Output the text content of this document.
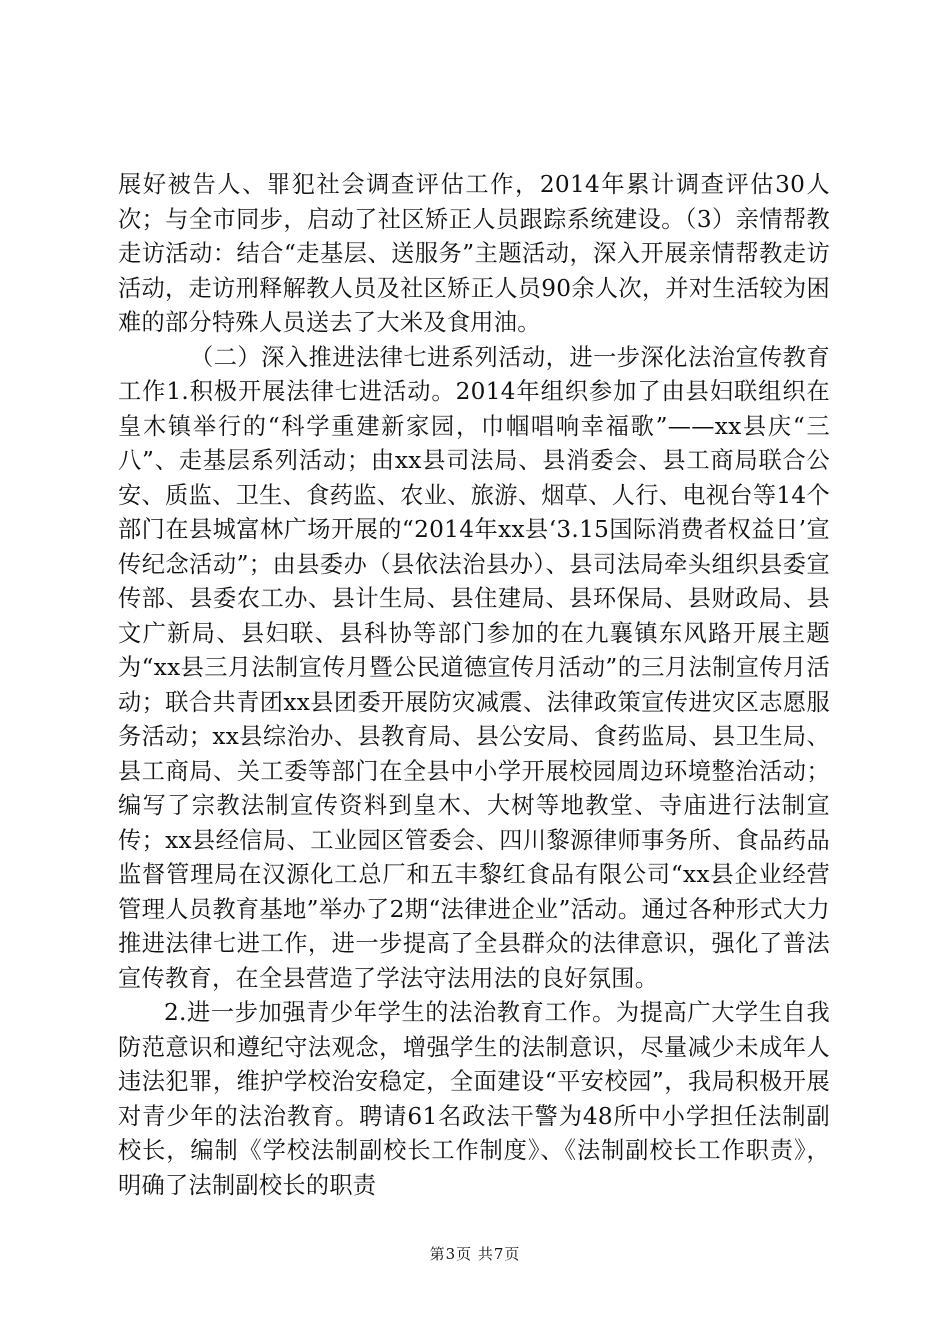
展好被告人、罪犯社会调查评估工作，2014年累计调查评估30人次；与全市同步，启动了社区矫正人员跟踪系统建设。（3）亲情帮教走访活动：结合“走基层、送服务”主题活动，深入开展亲情帮教走访活动，走访刑释解教人员及社区矫正人员90余人次，并对生活较为困难的部分特殊人员送去了大米及食用油。

（二）深入推进法律七进系列活动，进一步深化法治宣传教育工作1.积极开展法律七进活动。2014年组织参加了由县妇联组织在皇木镇举行的“科学重建新家园，巾帼唱响幸福歌”——xx县庆“三八”、走基层系列活动；由xx县司法局、县消委会、县工商局联合公安、质监、卫生、食药监、农业、旅游、烟草、人行、电视台等14个部门在县城富林广场开展的“2014年xx县‘3.15国际消费者权益日’宣传纪念活动”；由县委办（县依法治县办）、县司法局牵头组织县委宣传部、县委农工办、县计生局、县住建局、县环保局、县财政局、县文广新局、县妇联、县科协等部门参加的在九襄镇东风路开展主题为“xx县三月法制宣传月暨公民道德宣传月活动”的三月法制宣传月活动；联合共青团xx县团委开展防灾减震、法律政策宣传进灾区志愿服务活动；xx县综治办、县教育局、县公安局、食药监局、县卫生局、县工商局、关工委等部门在全县中小学开展校园周边环境整治活动；编写了宗教法制宣传资料到皇木、大树等地教堂、寺庙进行法制宣传；xx县经信局、工业园区管委会、四川黎源律师事务所、食品药品监督管理局在汉源化工总厂和五丰黎红食品有限公司“xx县企业经营管理人员教育基地”举办了2期“法律进企业”活动。通过各种形式大力推进法律七进工作，进一步提高了全县群众的法律意识，强化了普法宣传教育，在全县营造了学法守法用法的良好氛围。

2.进一步加强青少年学生的法治教育工作。为提高广大学生自我防范意识和遵纪守法观念，增强学生的法制意识，尽量减少未成年人违法犯罪，维护学校治安稳定，全面建设“平安校园”，我局积极开展对青少年的法治教育。聘请61名政法干警为48所中小学担任法制副校长，编制《学校法制副校长工作制度》、《法制副校长工作职责》，明确了法制副校长的职责

第3页 共7页
